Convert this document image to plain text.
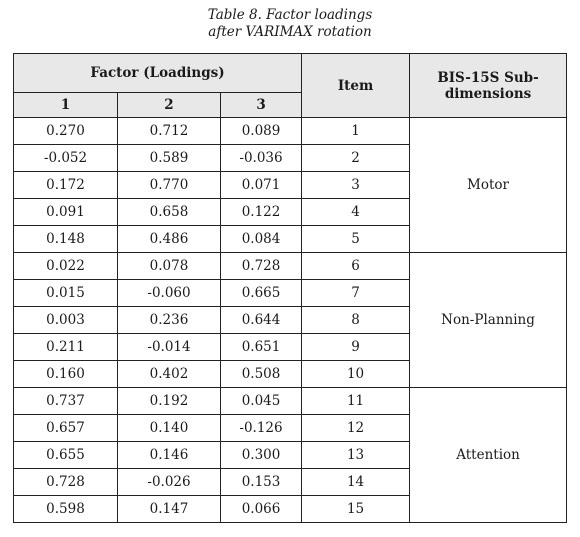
Table 8. Factor loadings
after VARIMAX rotation
Factor (Loadings)			Item	BIS-15S Sub-
dimensions

1	2	3		
0.270	0.712	0.089	1	Motor
-0.052	0.589	-0.036	2	
0.172	0.770	0.071	3	
0.091	0.658	0.122	4	
0.148	0.486	0.084	5	
0.022	0.078	0.728	6	Non-Planning
0.015	-0.060	0.665	7	
0.003	0.236	0.644	8	
0.211	-0.014	0.651	9	
0.160	0.402	0.508	10	
0.737	0.192	0.045	11	Attention
0.657	0.140	-0.126	12	
0.655	0.146	0.300	13	
0.728	-0.026	0.153	14	
0.598	0.147	0.066	15	
